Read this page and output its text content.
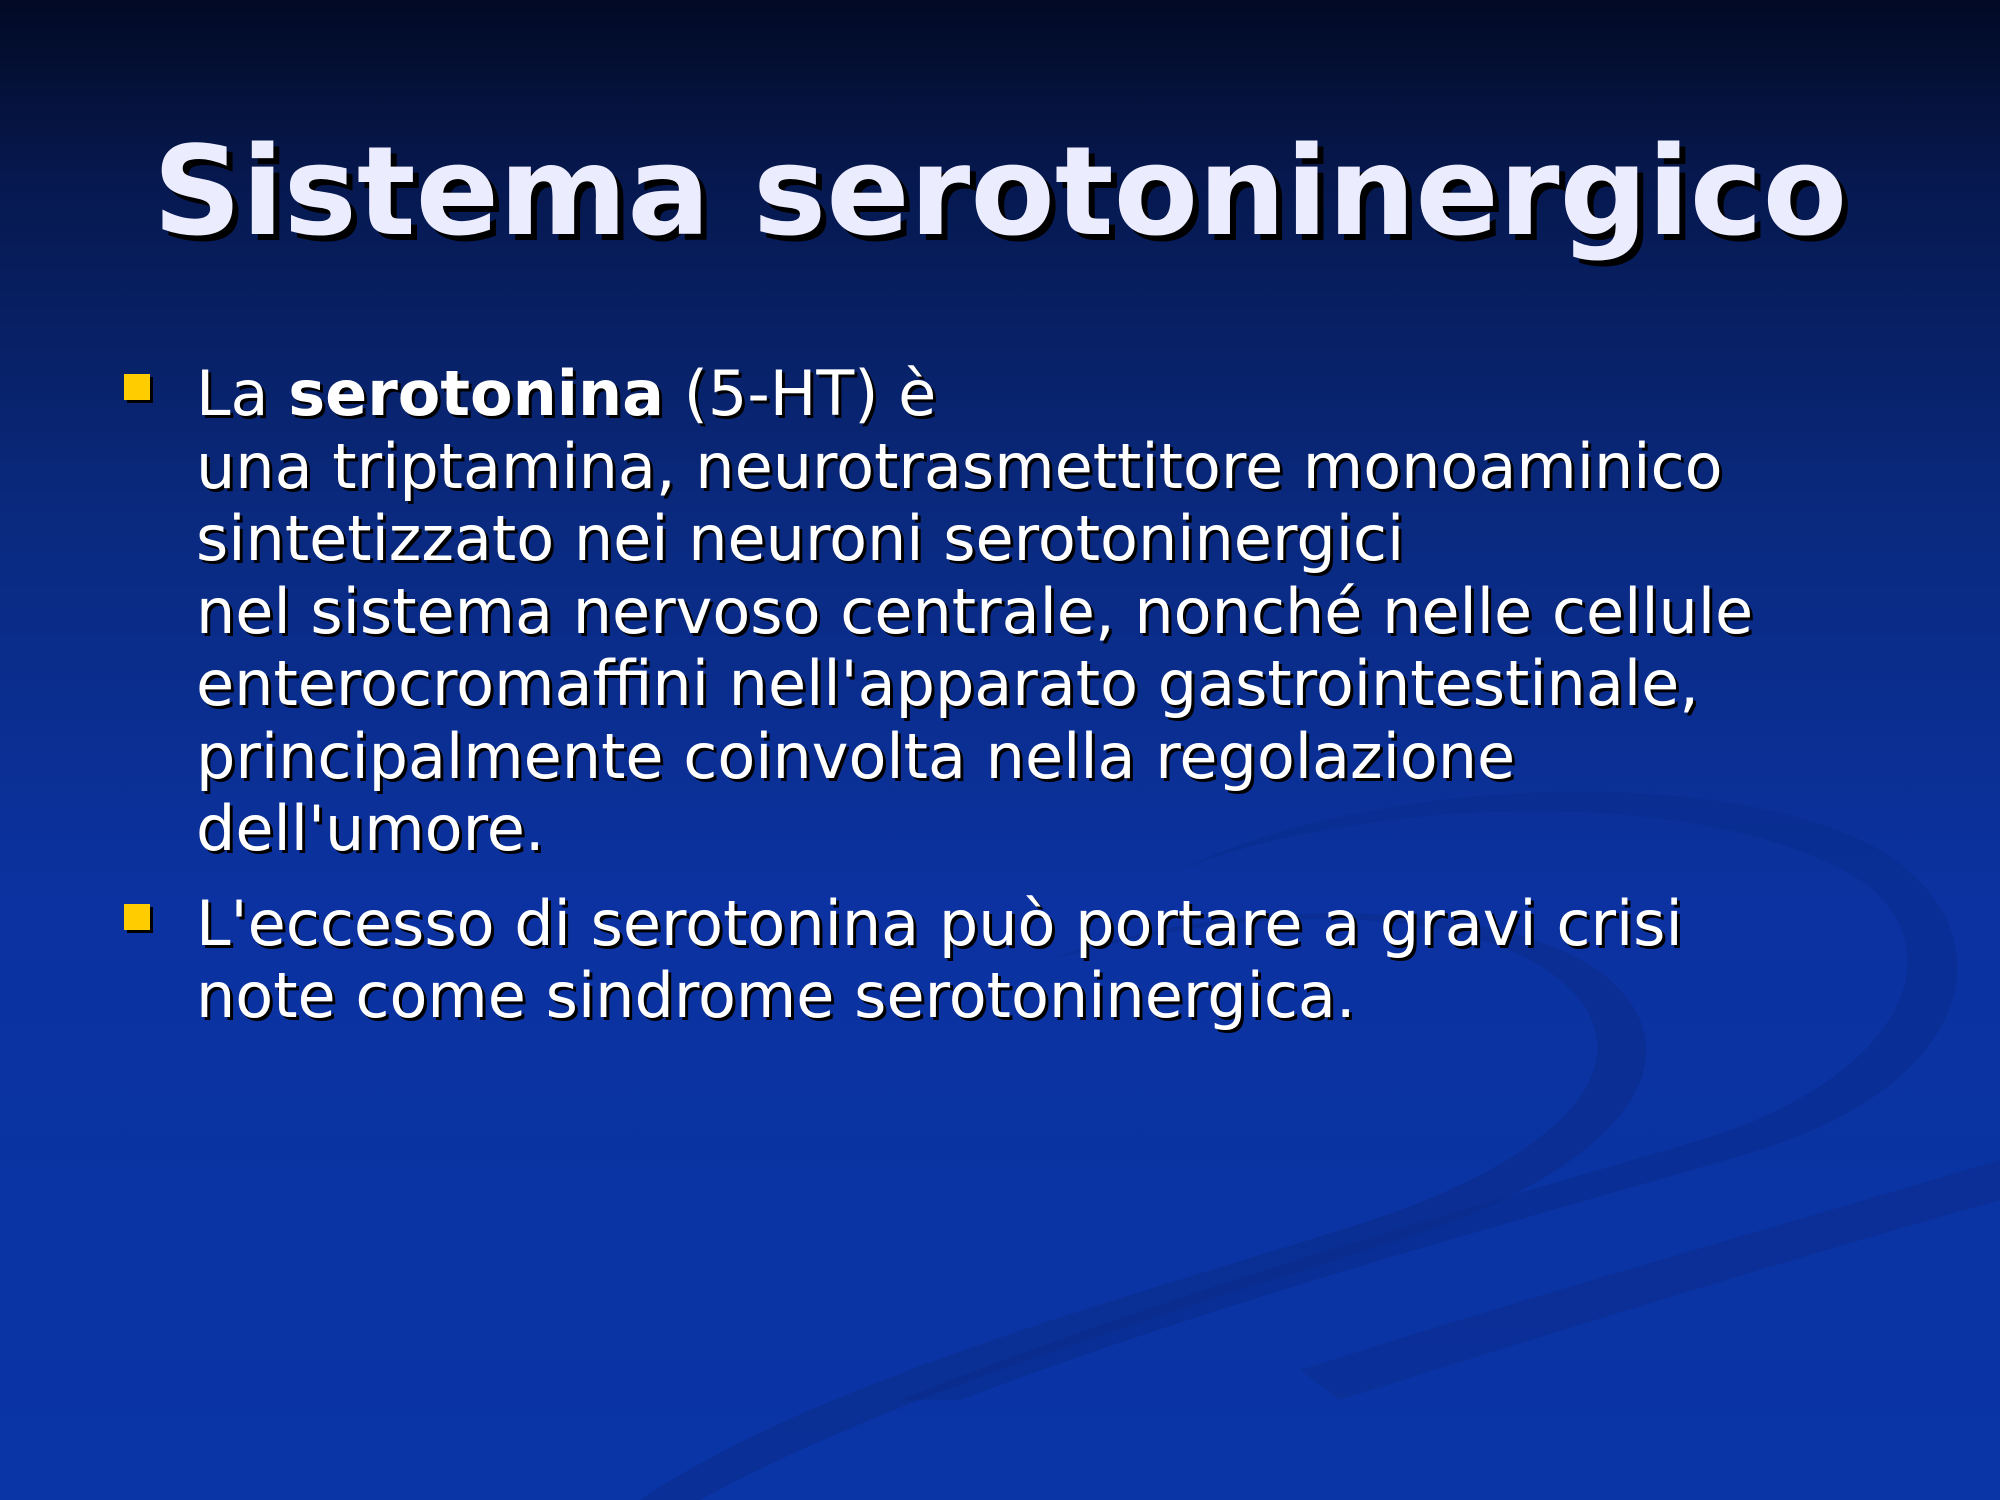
Sistema serotoninergico
La serotonina (5-HT) è
una triptamina, neurotrasmettitore monoaminico
sintetizzato nei neuroni serotoninergici
nel sistema nervoso centrale, nonché nelle cellule
enterocromaffini nell'apparato gastrointestinale,
principalmente coinvolta nella regolazione
dell'umore.
L'eccesso di serotonina può portare a gravi crisi
note come sindrome serotoninergica.
